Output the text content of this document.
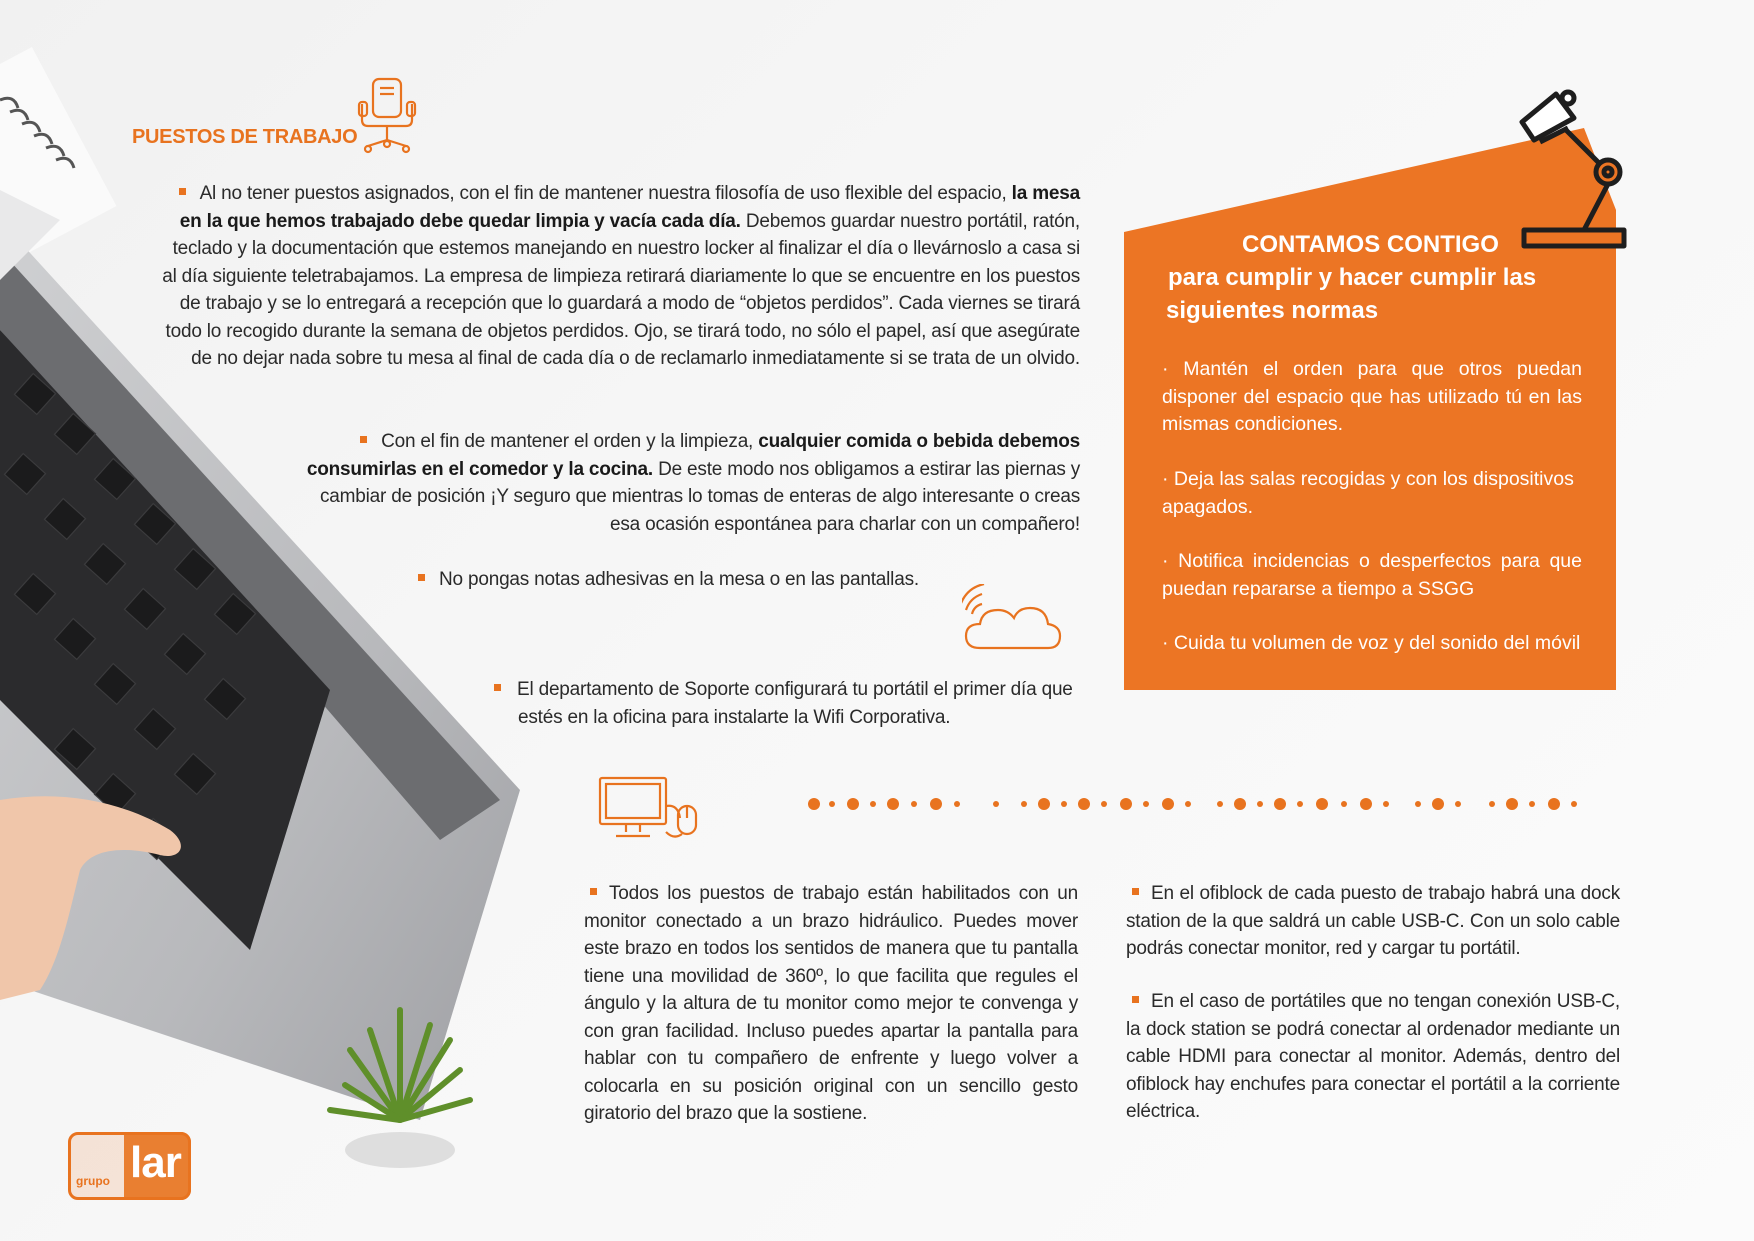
grupo lar
PUESTOS DE TRABAJO
Al no tener puestos asignados, con el fin de mantener nuestra filosofía de uso flexible del espacio, la mesa en la que hemos trabajado debe quedar limpia y vacía cada día. Debemos guardar nuestro portátil, ratón, teclado y la documentación que estemos manejando en nuestro locker al finalizar el día o llevárnoslo a casa si al día siguiente teletrabajamos. La empresa de limpieza retirará diariamente lo que se encuentre en los puestos de trabajo y se lo entregará a recepción que lo guardará a modo de “objetos perdidos”. Cada viernes se tirará todo lo recogido durante la semana de objetos perdidos. Ojo, se tirará todo, no sólo el papel, así que asegúrate de no dejar nada sobre tu mesa al final de cada día o de reclamarlo inmediatamente si se trata de un olvido.
Con el fin de mantener el orden y la limpieza, cualquier comida o bebida debemos consumirlas en el comedor y la cocina. De este modo nos obligamos a estirar las piernas y cambiar de posición ¡Y seguro que mientras lo tomas de enteras de algo interesante o creas esa ocasión espontánea para charlar con un compañero!
No pongas notas adhesivas en la mesa o en las pantallas.
El departamento de Soporte configurará tu portátil el primer día que estés en la oficina para instalarte la Wifi Corporativa.
CONTAMOS CONTIGO
para cumplir y hacer cumplir las
siguientes normas
· Mantén el orden para que otros puedan disponer del espacio que has utilizado tú en las mismas condiciones.
· Deja las salas recogidas y con los dispositivos apagados.
· Notifica incidencias o desperfectos para que puedan repararse a tiempo a SSGG
· Cuida tu volumen de voz y del sonido del móvil
Todos los puestos de trabajo están habilitados con un monitor conectado a un brazo hidráulico. Puedes mover este brazo en todos los sentidos de manera que tu pantalla tiene una movilidad de 360º, lo que facilita que regules el ángulo y la altura de tu monitor como mejor te convenga y con gran facilidad. Incluso puedes apartar la pantalla para hablar con tu compañero de enfrente y luego volver a colocarla en su posición original con un sencillo gesto giratorio del brazo que la sostiene.
En el ofiblock de cada puesto de trabajo habrá una dock station de la que saldrá un cable USB-C. Con un solo cable podrás conectar monitor, red y cargar tu portátil.
En el caso de portátiles que no tengan conexión USB-C, la dock station se podrá conectar al ordenador mediante un cable HDMI para conectar al monitor. Además, dentro del ofiblock hay enchufes para conectar el portátil a la corriente eléctrica.
